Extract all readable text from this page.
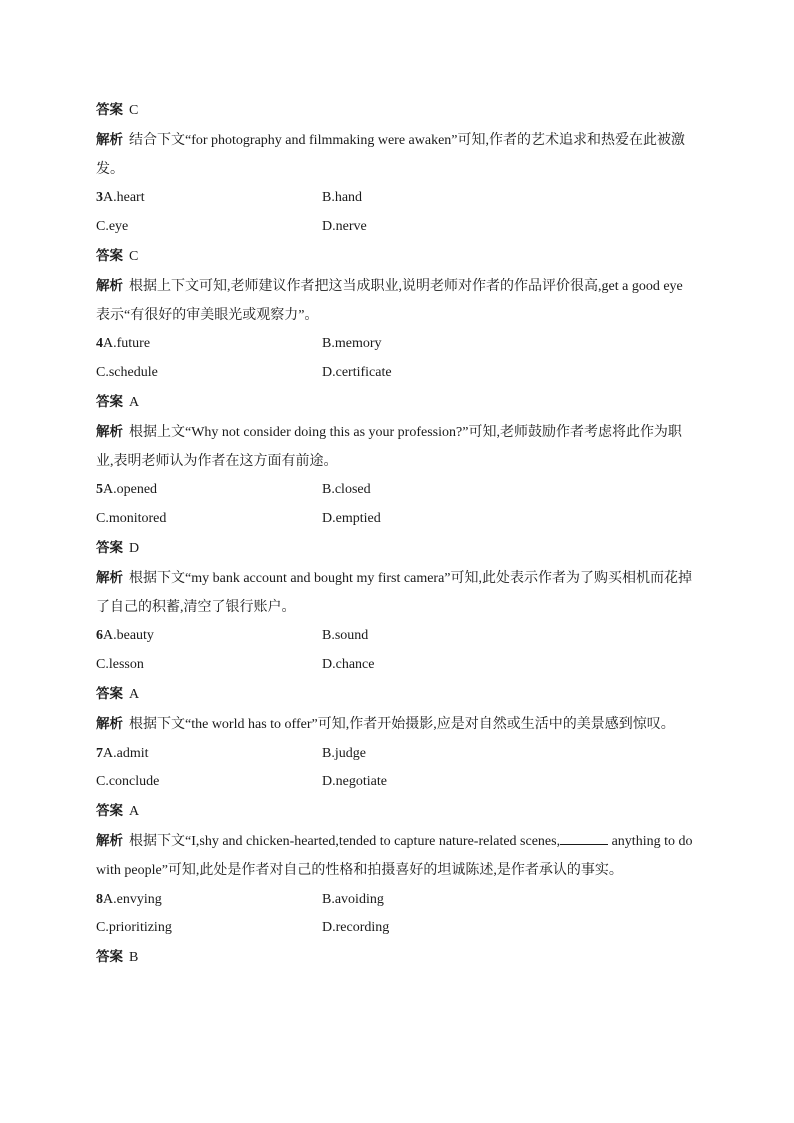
答案 C
解析 结合下文“for photography and filmmaking were awaken”可知,作者的艺术追求和热爱在此被激发。
3A.heart	B.hand
C.eye	D.nerve
答案 C
解析 根据上下文可知,老师建议作者把这当成职业,说明老师对作者的作品评价很高,get a good eye 表示“有很好的审美眼光或观察力”。
4A.future	B.memory
C.schedule	D.certificate
答案 A
解析 根据上文“Why not consider doing this as your profession?”可知,老师鼓励作者考虑将此作为职业,表明老师认为作者在这方面有前途。
5A.opened	B.closed
C.monitored	D.emptied
答案 D
解析 根据下文“my bank account and bought my first camera”可知,此处表示作者为了购买相机而花掉了自己的积蓄,清空了银行账户。
6A.beauty	B.sound
C.lesson	D.chance
答案 A
解析 根据下文“the world has to offer”可知,作者开始摄影,应是对自然或生活中的美景感到惊叹。
7A.admit	B.judge
C.conclude	D.negotiate
答案 A
解析 根据下文“I,shy and chicken-hearted,tended to capture nature-related scenes,	anything to do with people”可知,此处是作者对自己的性格和拍摄喜好的坦诚陈述,是作者承认的事实。
8A.envying	B.avoiding
C.prioritizing	D.recording
答案 B
